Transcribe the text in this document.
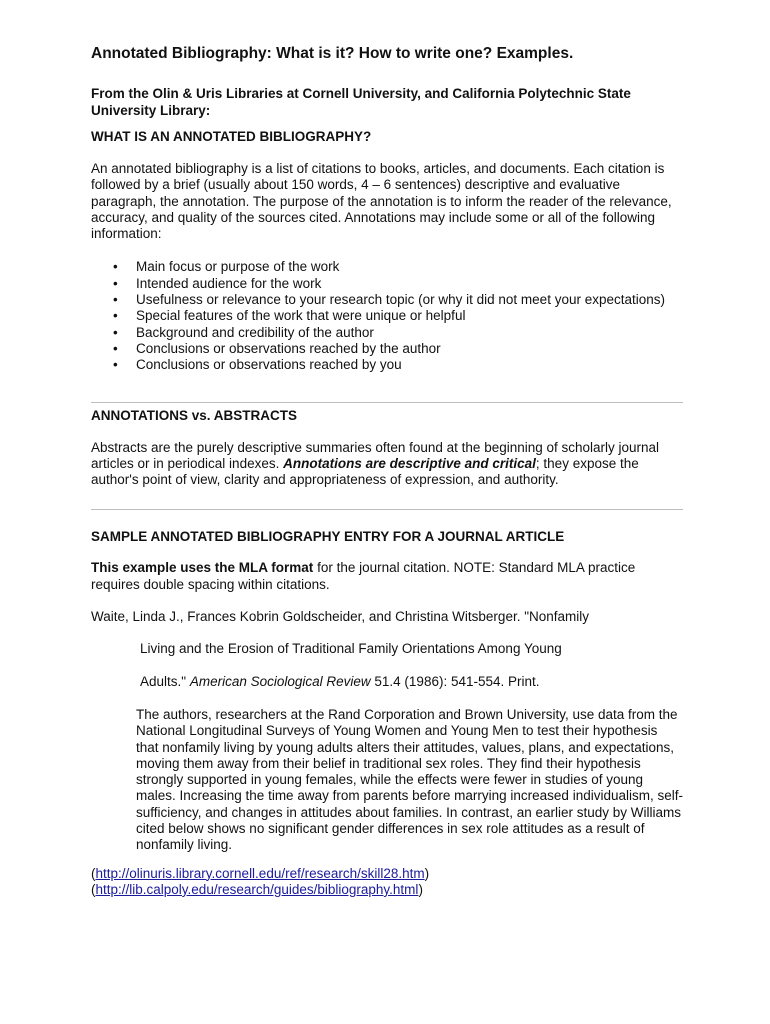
Annotated Bibliography: What is it? How to write one? Examples.
From the Olin & Uris Libraries at Cornell University, and California Polytechnic State University Library:
WHAT IS AN ANNOTATED BIBLIOGRAPHY?
An annotated bibliography is a list of citations to books, articles, and documents. Each citation is followed by a brief (usually about 150 words, 4 – 6 sentences) descriptive and evaluative paragraph, the annotation. The purpose of the annotation is to inform the reader of the relevance, accuracy, and quality of the sources cited. Annotations may include some or all of the following information:
• Main focus or purpose of the work
• Intended audience for the work
• Usefulness or relevance to your research topic (or why it did not meet your expectations)
• Special features of the work that were unique or helpful
• Background and credibility of the author
• Conclusions or observations reached by the author
• Conclusions or observations reached by you
ANNOTATIONS vs. ABSTRACTS
Abstracts are the purely descriptive summaries often found at the beginning of scholarly journal articles or in periodical indexes. Annotations are descriptive and critical; they expose the author's point of view, clarity and appropriateness of expression, and authority.
SAMPLE ANNOTATED BIBLIOGRAPHY ENTRY FOR A JOURNAL ARTICLE
This example uses the MLA format for the journal citation. NOTE: Standard MLA practice requires double spacing within citations.
Waite, Linda J., Frances Kobrin Goldscheider, and Christina Witsberger. "Nonfamily
Living and the Erosion of Traditional Family Orientations Among Young
Adults." American Sociological Review 51.4 (1986): 541-554. Print.
The authors, researchers at the Rand Corporation and Brown University, use data from the National Longitudinal Surveys of Young Women and Young Men to test their hypothesis that nonfamily living by young adults alters their attitudes, values, plans, and expectations, moving them away from their belief in traditional sex roles. They find their hypothesis strongly supported in young females, while the effects were fewer in studies of young males. Increasing the time away from parents before marrying increased individualism, self-sufficiency, and changes in attitudes about families. In contrast, an earlier study by Williams cited below shows no significant gender differences in sex role attitudes as a result of nonfamily living.
(http://olinuris.library.cornell.edu/ref/research/skill28.htm)
(http://lib.calpoly.edu/research/guides/bibliography.html)
